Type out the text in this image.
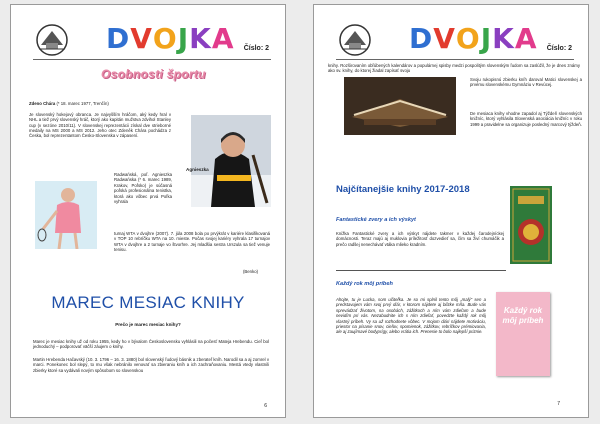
DVOJKA Číslo: 2
Osobnosti športu
Zdeno Chára (* 18. marec 1977, Trenčín)

Je slovenský hokejový obranca. Je najvyšším hráčom, aký kedy hral v NHL a tiež prvý slovenský hráč, ktorý ako kapitán mužstva zdvihol Stanley cup (v sezóne 2010/11). V slovenskej reprezentácii získal dve strieborné medaily na MS 2000 a MS 2012. Jeho otec Zdeněk Chára pochádza z Česka, bol reprezentantom Česko-Slovenska v zápasení.
Agnieszka
Radwańská, poľ. Agnieszka Radwańska (* 6. marec 1989, Krakov, Poľsko) je súčasná poľská profesionálna tenistka, ktorá ako vôbec prvá Poľka vyhrala
turnaj WTA v dvojhre (2007). 7. júla 2008 bola po prvýkrát v kariére klasifikovaná v TOP 10 rebríčku WTA na 10. mieste. Počas svojej kariéry vyhrala 17 turnajov WTA v dvojhre a 2 turnaje vo štvorhre. Jej mladšia sestra Urszula sa tiež venuje tenisu.
(Benko)
MAREC MESIAC KNIHY
Prečo je marec mesiac knihy?
Marec je mesiac knihy už od roku 1955, kedy ho v bývalom Československu vyhlásili na počesť Mateja Hrebendu. Cieľ bol jednoduchý – podporovať väčší záujem o knihy.
Martin Hrebenda Hačavský (10. 3. 1796 – 16. 3. 1880) bol slovenský ľudový básnik a zberateľ kníh. Narodil sa a aj zomrel v marci. Ponekonec bol slepý, to mu však nebránilo venovať sa zbieraniu kníh a ich zachraňovaniu. Mestá vtedy vlastnili zbierky ktoré sa vydávali novým spôsobom so slovenskou
6
DVOJKA Číslo: 2
knihy. Rozširovaním obľúbených kalendárov a populárnej spisby medzi pospolitým slovenským ľudom sa zaslúžil, že je dnes známy ako sv. knihy, do ktorej žiadal zapísať svoju
Svoju rukopisnú zbierku kníh daroval Matici slovenskej a prvému slovenskému Gymnáziu v Revúcej.
De mesiaca knihy vhodne zapadol aj Týždeň slovenských knižníc, ktorý vyhlásila Slovenská asociácia knižníc v roku 1999 a pravidelne sa organizuje posledný marcový týždeň.
Najčítanejšie knihy 2017-2018
Fantastické zvery a ich výskyt
Knižka Fantastické zvery a ich výskyt nájdete takmer v každej čarodejníckej domácnosti. Teraz majú aj muklovia príležitosť dozvedieť sa, čím sa živí chumáčik a prečo radšej nenechávať vtáka mlieko kradním.
Každý rok môj príbeh
Ahojte, tu je Lucka, som učiteľka. Je so mi splnil tento môj „malý“ sen a predstavujem vám svoj prvý diár, v ktorom nájdete aj blízke mňa. Bude vás sprevádzať životom, na osobách, zážitkoch a ním vám zdieľam a bude nevidím pri vás. Nezabudnite ich s ním zdieľať, povedzte každý rok môj vlastný príbeh. Vy sa už rozhodnete vôbec. V mojom diári nájdete motiváciu, priestor na písanie snov, cieľov, spomienok, zážitkov, rebríčkov prémiovania, ale aj zaujímavé bodyprígy, alebo vrátia ich. Prenesie to bolo najlepší priznie.
Každý rok môj príbeh
7
